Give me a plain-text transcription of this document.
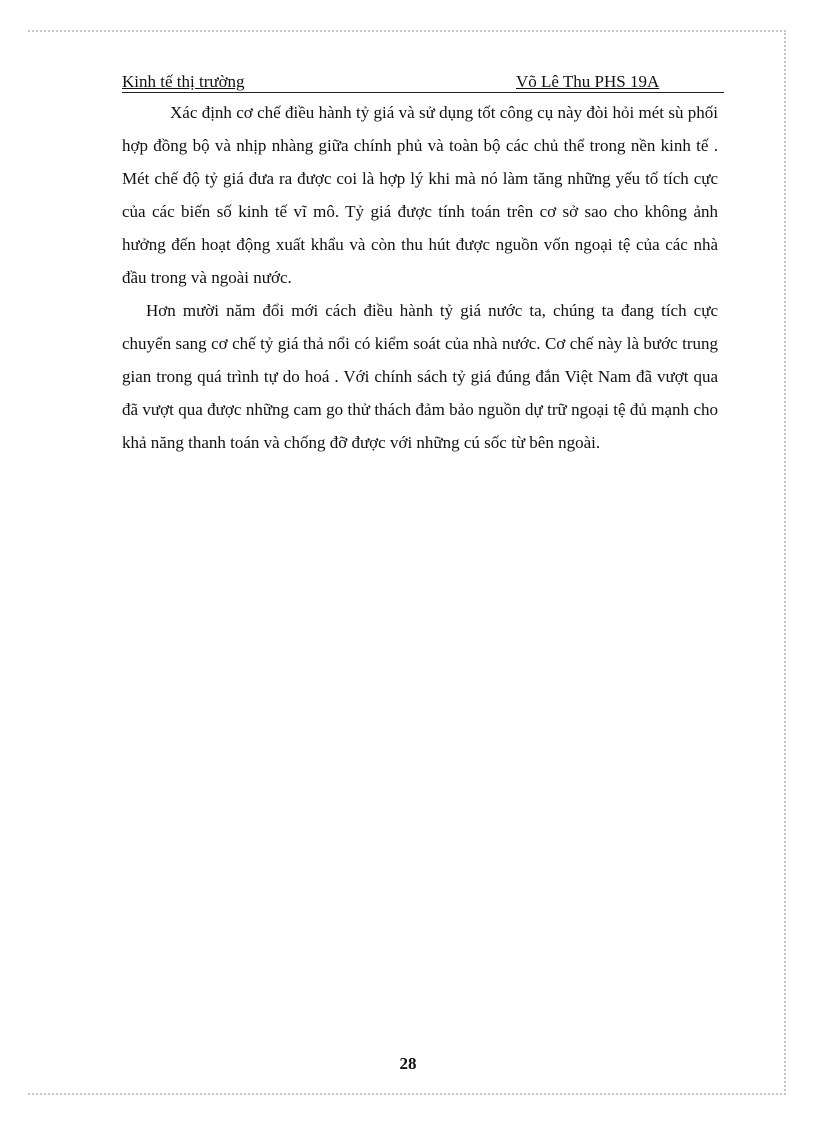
Kinh tế thị trường	Võ Lê Thu PHS 19A

Xác định cơ chế điều hành tỷ giá và sử dụng tốt công cụ này đòi hỏi mét sù phối hợp đồng bộ và nhịp nhàng giữa chính phủ và toàn bộ các chủ thể trong nền kinh tế . Mét chế độ tỷ giá đưa ra được coi là hợp lý khi mà nó làm tăng những yếu tố tích cực của các biến số kinh tế vĩ mô. Tỷ giá được tính toán trên cơ sở sao cho không ảnh hưởng đến hoạt động xuất khẩu và còn thu hút được nguồn vốn ngoại tệ của các nhà đầu trong và ngoài nước.

Hơn mười năm đổi mới cách điều hành tỷ giá nước ta, chúng ta đang tích cực chuyển sang cơ chế tỷ giá thả nổi có kiểm soát của nhà nước. Cơ chế này là bước trung gian trong quá trình tự do hoá . Với chính sách tỷ giá đúng đắn Việt Nam đã vượt qua đã vượt qua được những cam go thử thách đảm bảo nguồn dự trữ ngoại tệ đủ mạnh cho khả năng thanh toán và chống đỡ được với những cú sốc từ bên ngoài.

28
